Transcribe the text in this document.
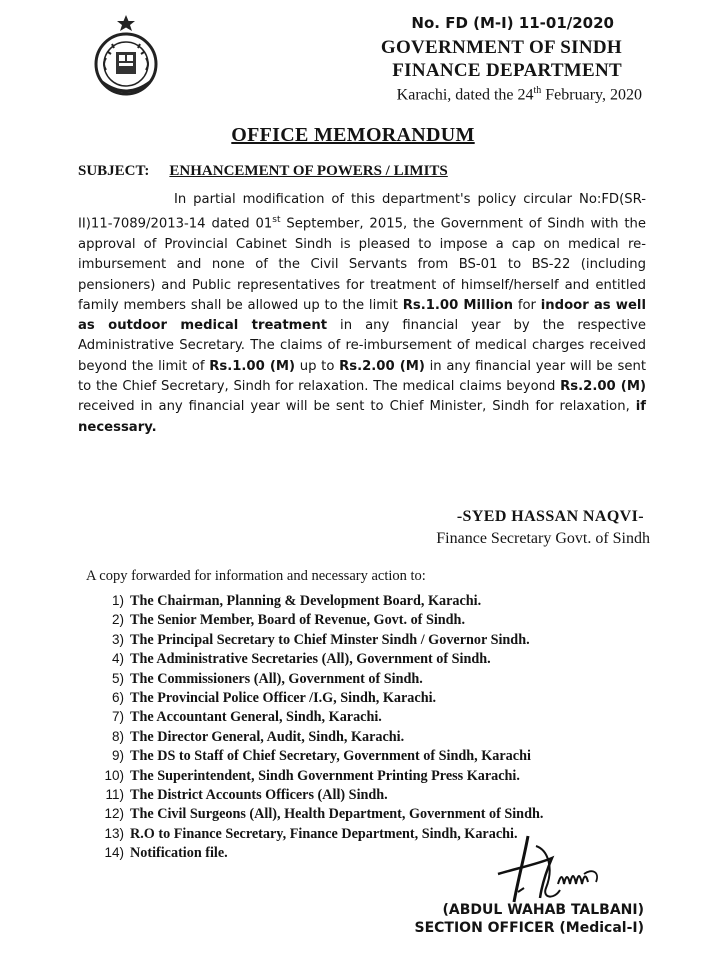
No. FD (M-I) 11-01/2020
GOVERNMENT OF SINDH
FINANCE DEPARTMENT
Karachi, dated the 24th February, 2020
OFFICE MEMORANDUM
SUBJECT: ENHANCEMENT OF POWERS / LIMITS
In partial modification of this department's policy circular No:FD(SR-II)11-7089/2013-14 dated 01st September, 2015, the Government of Sindh with the approval of Provincial Cabinet Sindh is pleased to impose a cap on medical re-imbursement and none of the Civil Servants from BS-01 to BS-22 (including pensioners) and Public representatives for treatment of himself/herself and entitled family members shall be allowed up to the limit Rs.1.00 Million for indoor as well as outdoor medical treatment in any financial year by the respective Administrative Secretary. The claims of re-imbursement of medical charges received beyond the limit of Rs.1.00 (M) up to Rs.2.00 (M) in any financial year will be sent to the Chief Secretary, Sindh for relaxation. The medical claims beyond Rs.2.00 (M) received in any financial year will be sent to Chief Minister, Sindh for relaxation, if necessary.
-SYED HASSAN NAQVI-
Finance Secretary Govt. of Sindh
A copy forwarded for information and necessary action to:
1) The Chairman, Planning & Development Board, Karachi.
2) The Senior Member, Board of Revenue, Govt. of Sindh.
3) The Principal Secretary to Chief Minster Sindh / Governor Sindh.
4) The Administrative Secretaries (All), Government of Sindh.
5) The Commissioners (All), Government of Sindh.
6) The Provincial Police Officer /I.G, Sindh, Karachi.
7) The Accountant General, Sindh, Karachi.
8) The Director General, Audit, Sindh, Karachi.
9) The DS to Staff of Chief Secretary, Government of Sindh, Karachi
10) The Superintendent, Sindh Government Printing Press Karachi.
11) The District Accounts Officers (All) Sindh.
12) The Civil Surgeons (All), Health Department, Government of Sindh.
13) R.O to Finance Secretary, Finance Department, Sindh, Karachi.
14) Notification file.
(ABDUL WAHAB TALBANI)
SECTION OFFICER (Medical-I)
